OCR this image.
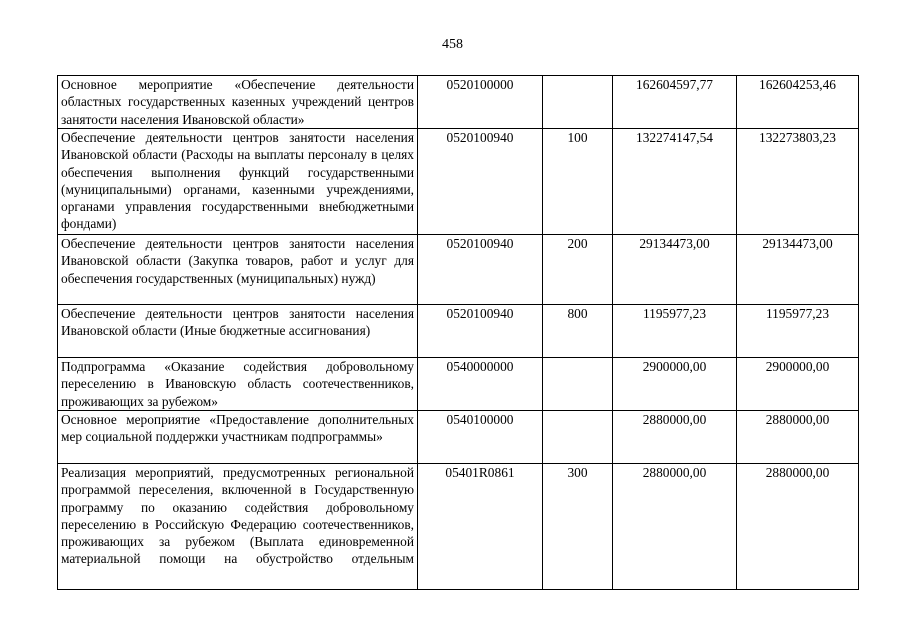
458
Основное мероприятие «Обеспечение деятельности областных государственных казенных учреждений центров занятости населения Ивановской области»	0520100000		162604597,77	162604253,46
Обеспечение деятельности центров занятости населения Ивановской области (Расходы на выплаты персоналу в целях обеспечения выполнения функций государственными (муниципальными) органами, казенными учреждениями, органами управления государственными внебюджетными фондами)	0520100940	100	132274147,54	132273803,23
Обеспечение деятельности центров занятости населения Ивановской области (Закупка товаров, работ и услуг для обеспечения государственных (муниципальных) нужд)	0520100940	200	29134473,00	29134473,00
Обеспечение деятельности центров занятости населения Ивановской области (Иные бюджетные ассигнования)	0520100940	800	1195977,23	1195977,23
Подпрограмма «Оказание содействия добровольному переселению в Ивановскую область соотечественников, проживающих за рубежом»	0540000000		2900000,00	2900000,00
Основное мероприятие «Предоставление дополнительных мер социальной поддержки участникам подпрограммы»	0540100000		2880000,00	2880000,00
Реализация мероприятий, предусмотренных региональной программой переселения, включенной в Государственную программу по оказанию содействия добровольному переселению в Российскую Федерацию соотечественников, проживающих за рубежом (Выплата единовременной материальной помощи на обустройство отдельным	05401R0861	300	2880000,00	2880000,00
